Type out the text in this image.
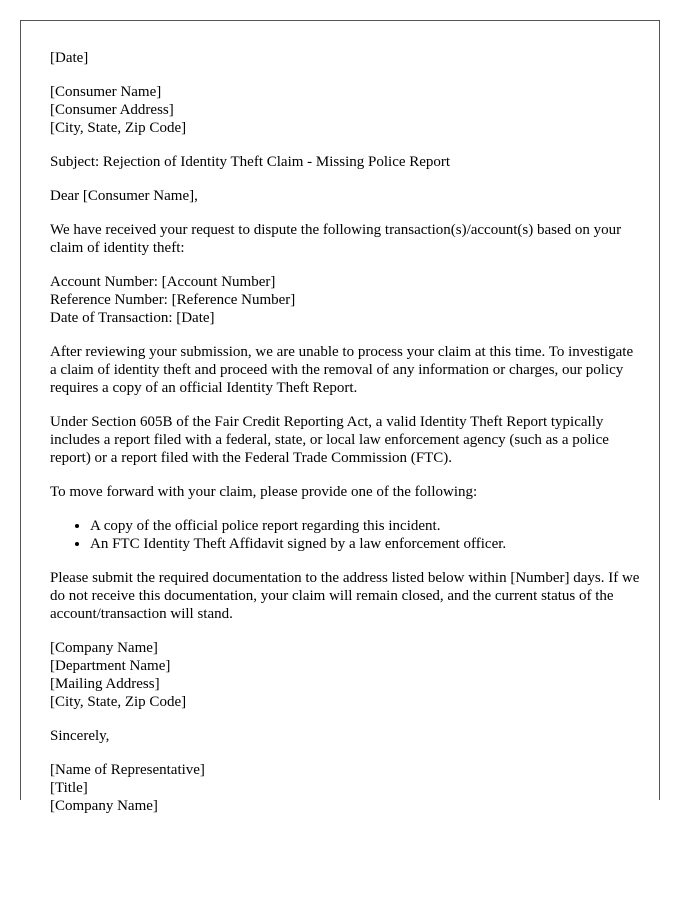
[Date]

[Consumer Name]
[Consumer Address]
[City, State, Zip Code]

Subject: Rejection of Identity Theft Claim - Missing Police Report

Dear [Consumer Name],

We have received your request to dispute the following transaction(s)/account(s) based on your claim of identity theft:

Account Number: [Account Number]
Reference Number: [Reference Number]
Date of Transaction: [Date]

After reviewing your submission, we are unable to process your claim at this time. To investigate a claim of identity theft and proceed with the removal of any information or charges, our policy requires a copy of an official Identity Theft Report.

Under Section 605B of the Fair Credit Reporting Act, a valid Identity Theft Report typically includes a report filed with a federal, state, or local law enforcement agency (such as a police report) or a report filed with the Federal Trade Commission (FTC).

To move forward with your claim, please provide one of the following:

• A copy of the official police report regarding this incident.
• An FTC Identity Theft Affidavit signed by a law enforcement officer.

Please submit the required documentation to the address listed below within [Number] days. If we do not receive this documentation, your claim will remain closed, and the current status of the account/transaction will stand.

[Company Name]
[Department Name]
[Mailing Address]
[City, State, Zip Code]

Sincerely,

[Name of Representative]
[Title]
[Company Name]
